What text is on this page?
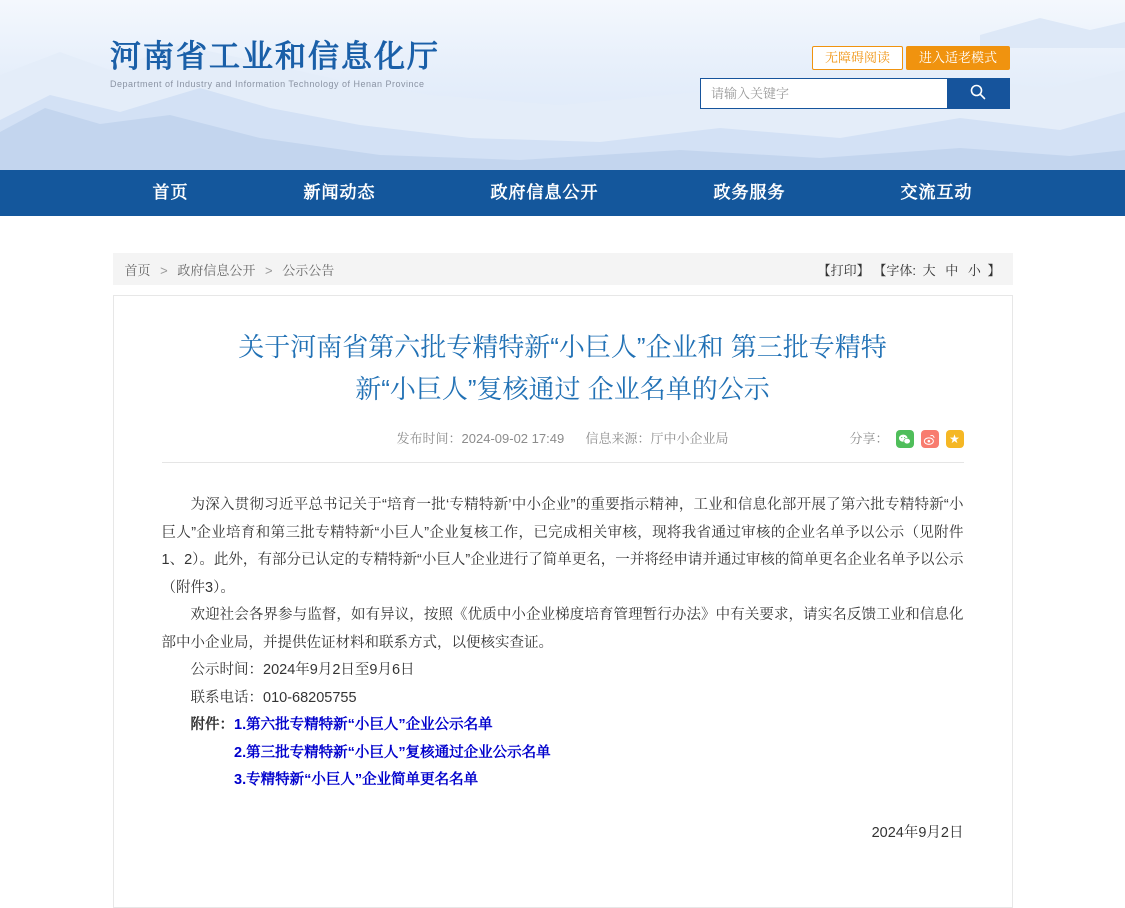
河南省工业和信息化厅
Department of Industry and Information Technology of Henan Province
无障碍阅读	进入适老模式
请输入关键字
首页	新闻动态	政府信息公开	政务服务	交流互动
首页 > 政府信息公开 > 公示公告	【打印】 【字体: 大 中 小 】
关于河南省第六批专精特新“小巨人”企业和 第三批专精特
新“小巨人”复核通过 企业名单的公示
发布时间：2024-09-02 17:49 信息来源：厅中小企业局	分享：	★

为深入贯彻习近平总书记关于“培育一批‘专精特新’中小企业”的重要指示精神，工业和信息化部开展了第六批专精特新“小巨人”企业培育和第三批专精特新“小巨人”企业复核工作，已完成相关审核，现将我省通过审核的企业名单予以公示（见附件1、2）。此外，有部分已认定的专精特新“小巨人”企业进行了简单更名，一并将经申请并通过审核的简单更名企业名单予以公示（附件3）。

欢迎社会各界参与监督，如有异议，按照《优质中小企业梯度培育管理暂行办法》中有关要求，请实名反馈工业和信息化部中小企业局，并提供佐证材料和联系方式，以便核实查证。

公示时间：2024年9月2日至9月6日
联系电话：010-68205755
附件： 1.第六批专精特新“小巨人”企业公示名单
2.第三批专精特新“小巨人”复核通过企业公示名单
3.专精特新“小巨人”企业简单更名名单
2024年9月2日
